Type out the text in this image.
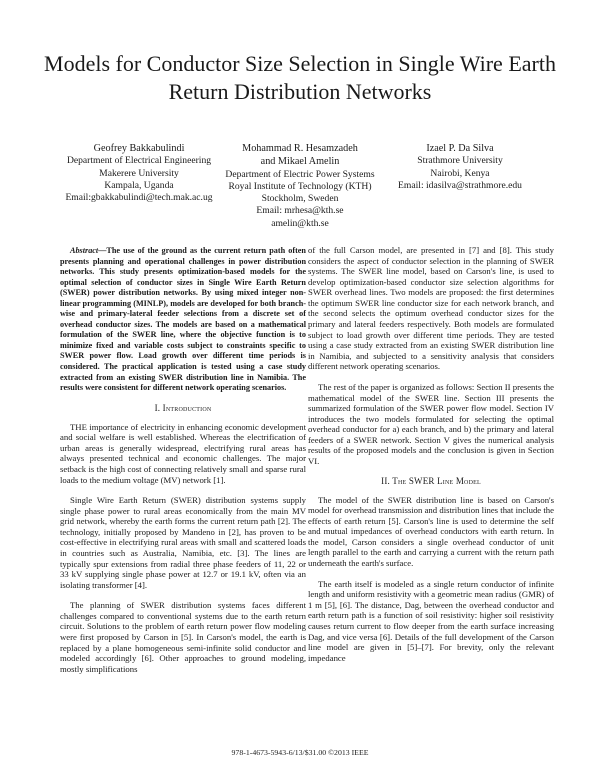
Models for Conductor Size Selection in Single Wire Earth Return Distribution Networks
Geofrey Bakkabulindi
Department of Electrical Engineering
Makerere University
Kampala, Uganda
Email:gbakkabulindi@tech.mak.ac.ug
Mohammad R. Hesamzadeh
and Mikael Amelin
Department of Electric Power Systems
Royal Institute of Technology (KTH)
Stockholm, Sweden
Email: mrhesa@kth.se
amelin@kth.se
Izael P. Da Silva
Strathmore University
Nairobi, Kenya
Email: idasilva@strathmore.edu

Abstract—The use of the ground as the current return path often presents planning and operational challenges in power distribution networks. This study presents optimization-based models for the optimal selection of conductor sizes in Single Wire Earth Return (SWER) power distribution networks. By using mixed integer non-linear programming (MINLP), models are developed for both branch-wise and primary-lateral feeder selections from a discrete set of overhead conductor sizes. The models are based on a mathematical formulation of the SWER line, where the objective function is to minimize fixed and variable costs subject to constraints specific to SWER power flow. Load growth over different time periods is considered. The practical application is tested using a case study extracted from an existing SWER distribution line in Namibia. The results were consistent for different network operating scenarios.

I. Introduction

THE importance of electricity in enhancing economic development and social welfare is well established. Whereas the electrification of urban areas is generally widespread, electrifying rural areas has always presented technical and economic challenges. The major setback is the high cost of connecting relatively small and sparse rural loads to the medium voltage (MV) network [1].

Single Wire Earth Return (SWER) distribution systems supply single phase power to rural areas economically from the main MV grid network, whereby the earth forms the current return path [2]. The technology, initially proposed by Mandeno in [2], has proven to be cost-effective in electrifying rural areas with small and scattered loads in countries such as Australia, Namibia, etc. [3]. The lines are typically spur extensions from radial three phase feeders of 11, 22 or 33 kV supplying single phase power at 12.7 or 19.1 kV, often via an isolating transformer [4].

The planning of SWER distribution systems faces different challenges compared to conventional systems due to the earth return circuit. Solutions to the problem of earth return power flow modeling were first proposed by Carson in [5]. In Carson's model, the earth is replaced by a plane homogeneous semi-infinite solid conductor and modeled accordingly [6]. Other approaches to ground modeling, mostly simplifications

of the full Carson model, are presented in [7] and [8]. This study considers the aspect of conductor selection in the planning of SWER systems. The SWER line model, based on Carson's line, is used to develop optimization-based conductor size selection algorithms for SWER overhead lines. Two models are proposed: the first determines the optimum SWER line conductor size for each network branch, and the second selects the optimum overhead conductor sizes for the primary and lateral feeders respectively. Both models are formulated subject to load growth over different time periods. They are tested using a case study extracted from an existing SWER distribution line in Namibia, and subjected to a sensitivity analysis that considers different network operating scenarios.

The rest of the paper is organized as follows: Section II presents the mathematical model of the SWER line. Section III presents the summarized formulation of the SWER power flow model. Section IV introduces the two models formulated for selecting the optimal overhead conductor for a) each branch, and b) the primary and lateral feeders of a SWER network. Section V gives the numerical analysis results of the proposed models and the conclusion is given in Section VI.

II. The SWER Line Model

The model of the SWER distribution line is based on Carson's model for overhead transmission and distribution lines that include the effects of earth return [5]. Carson's line is used to determine the self and mutual impedances of overhead conductors with earth return. In the model, Carson considers a single overhead conductor of unit length parallel to the earth and carrying a current with the return path underneath the earth's surface.

The earth itself is modeled as a single return conductor of infinite length and uniform resistivity with a geometric mean radius (GMR) of 1 m [5], [6]. The distance, Dag, between the overhead conductor and earth return path is a function of soil resistivity: higher soil resistivity causes return current to flow deeper from the earth surface increasing Dag, and vice versa [6]. Details of the full development of the Carson line model are given in [5]–[7]. For brevity, only the relevant impedance

978-1-4673-5943-6/13/$31.00 ©2013 IEEE
